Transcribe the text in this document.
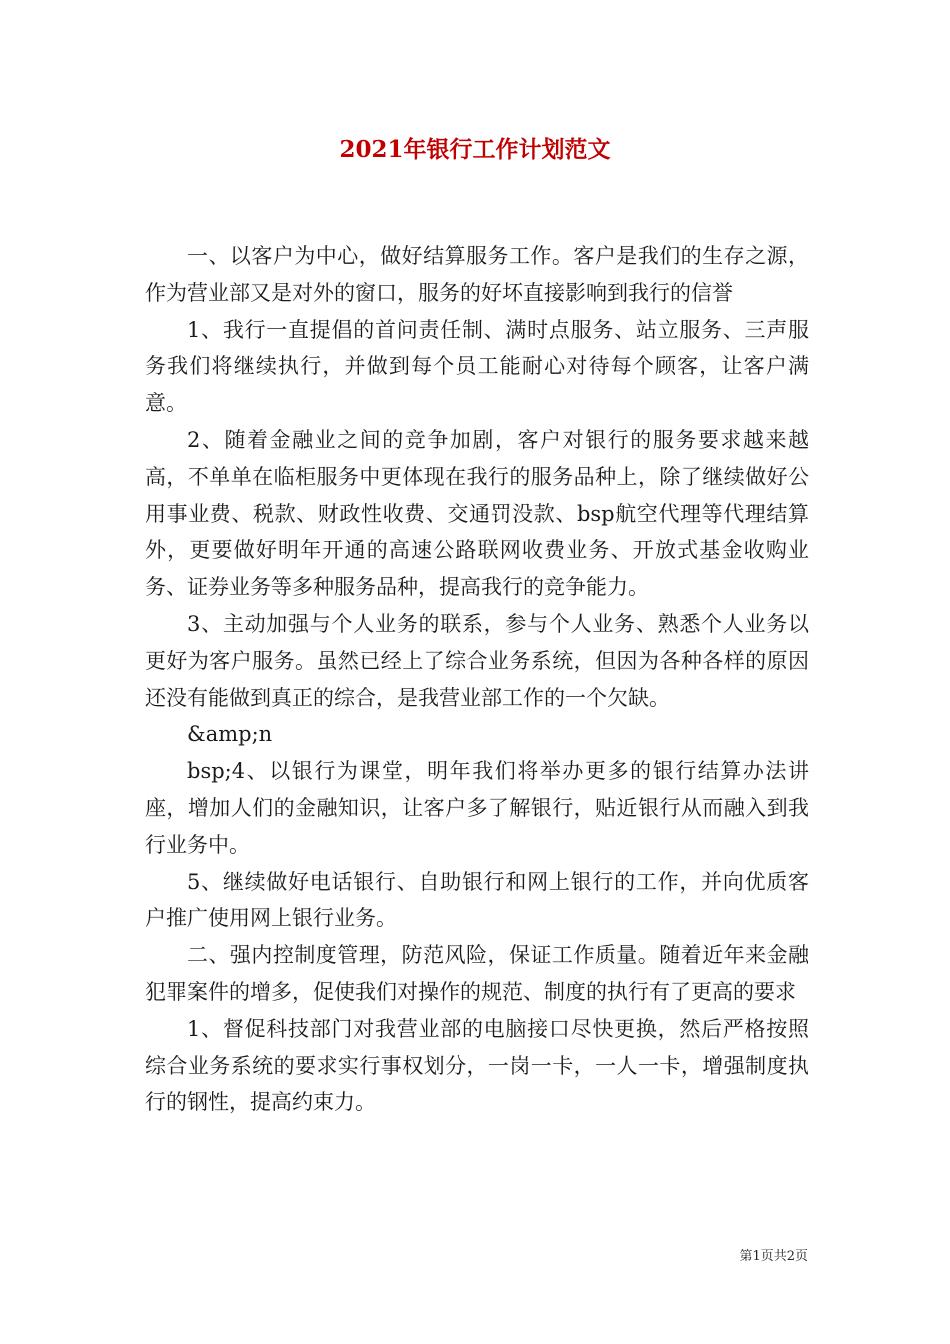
2021年银行工作计划范文

一、以客户为中心，做好结算服务工作。客户是我们的生存之源，作为营业部又是对外的窗口，服务的好坏直接影响到我行的信誉

1、我行一直提倡的首问责任制、满时点服务、站立服务、三声服务我们将继续执行，并做到每个员工能耐心对待每个顾客，让客户满意。

2、随着金融业之间的竞争加剧，客户对银行的服务要求越来越高，不单单在临柜服务中更体现在我行的服务品种上，除了继续做好公用事业费、税款、财政性收费、交通罚没款、bsp航空代理等代理结算外，更要做好明年开通的高速公路联网收费业务、开放式基金收购业务、证券业务等多种服务品种，提高我行的竞争能力。

3、主动加强与个人业务的联系，参与个人业务、熟悉个人业务以更好为客户服务。虽然已经上了综合业务系统，但因为各种各样的原因还没有能做到真正的综合，是我营业部工作的一个欠缺。

&amp;n

bsp;4、以银行为课堂，明年我们将举办更多的银行结算办法讲座，增加人们的金融知识，让客户多了解银行，贴近银行从而融入到我行业务中。

5、继续做好电话银行、自助银行和网上银行的工作，并向优质客户推广使用网上银行业务。

二、强内控制度管理，防范风险，保证工作质量。随着近年来金融犯罪案件的增多，促使我们对操作的规范、制度的执行有了更高的要求

1、督促科技部门对我营业部的电脑接口尽快更换，然后严格按照综合业务系统的要求实行事权划分，一岗一卡，一人一卡，增强制度执行的钢性，提高约束力。

第1页共2页
